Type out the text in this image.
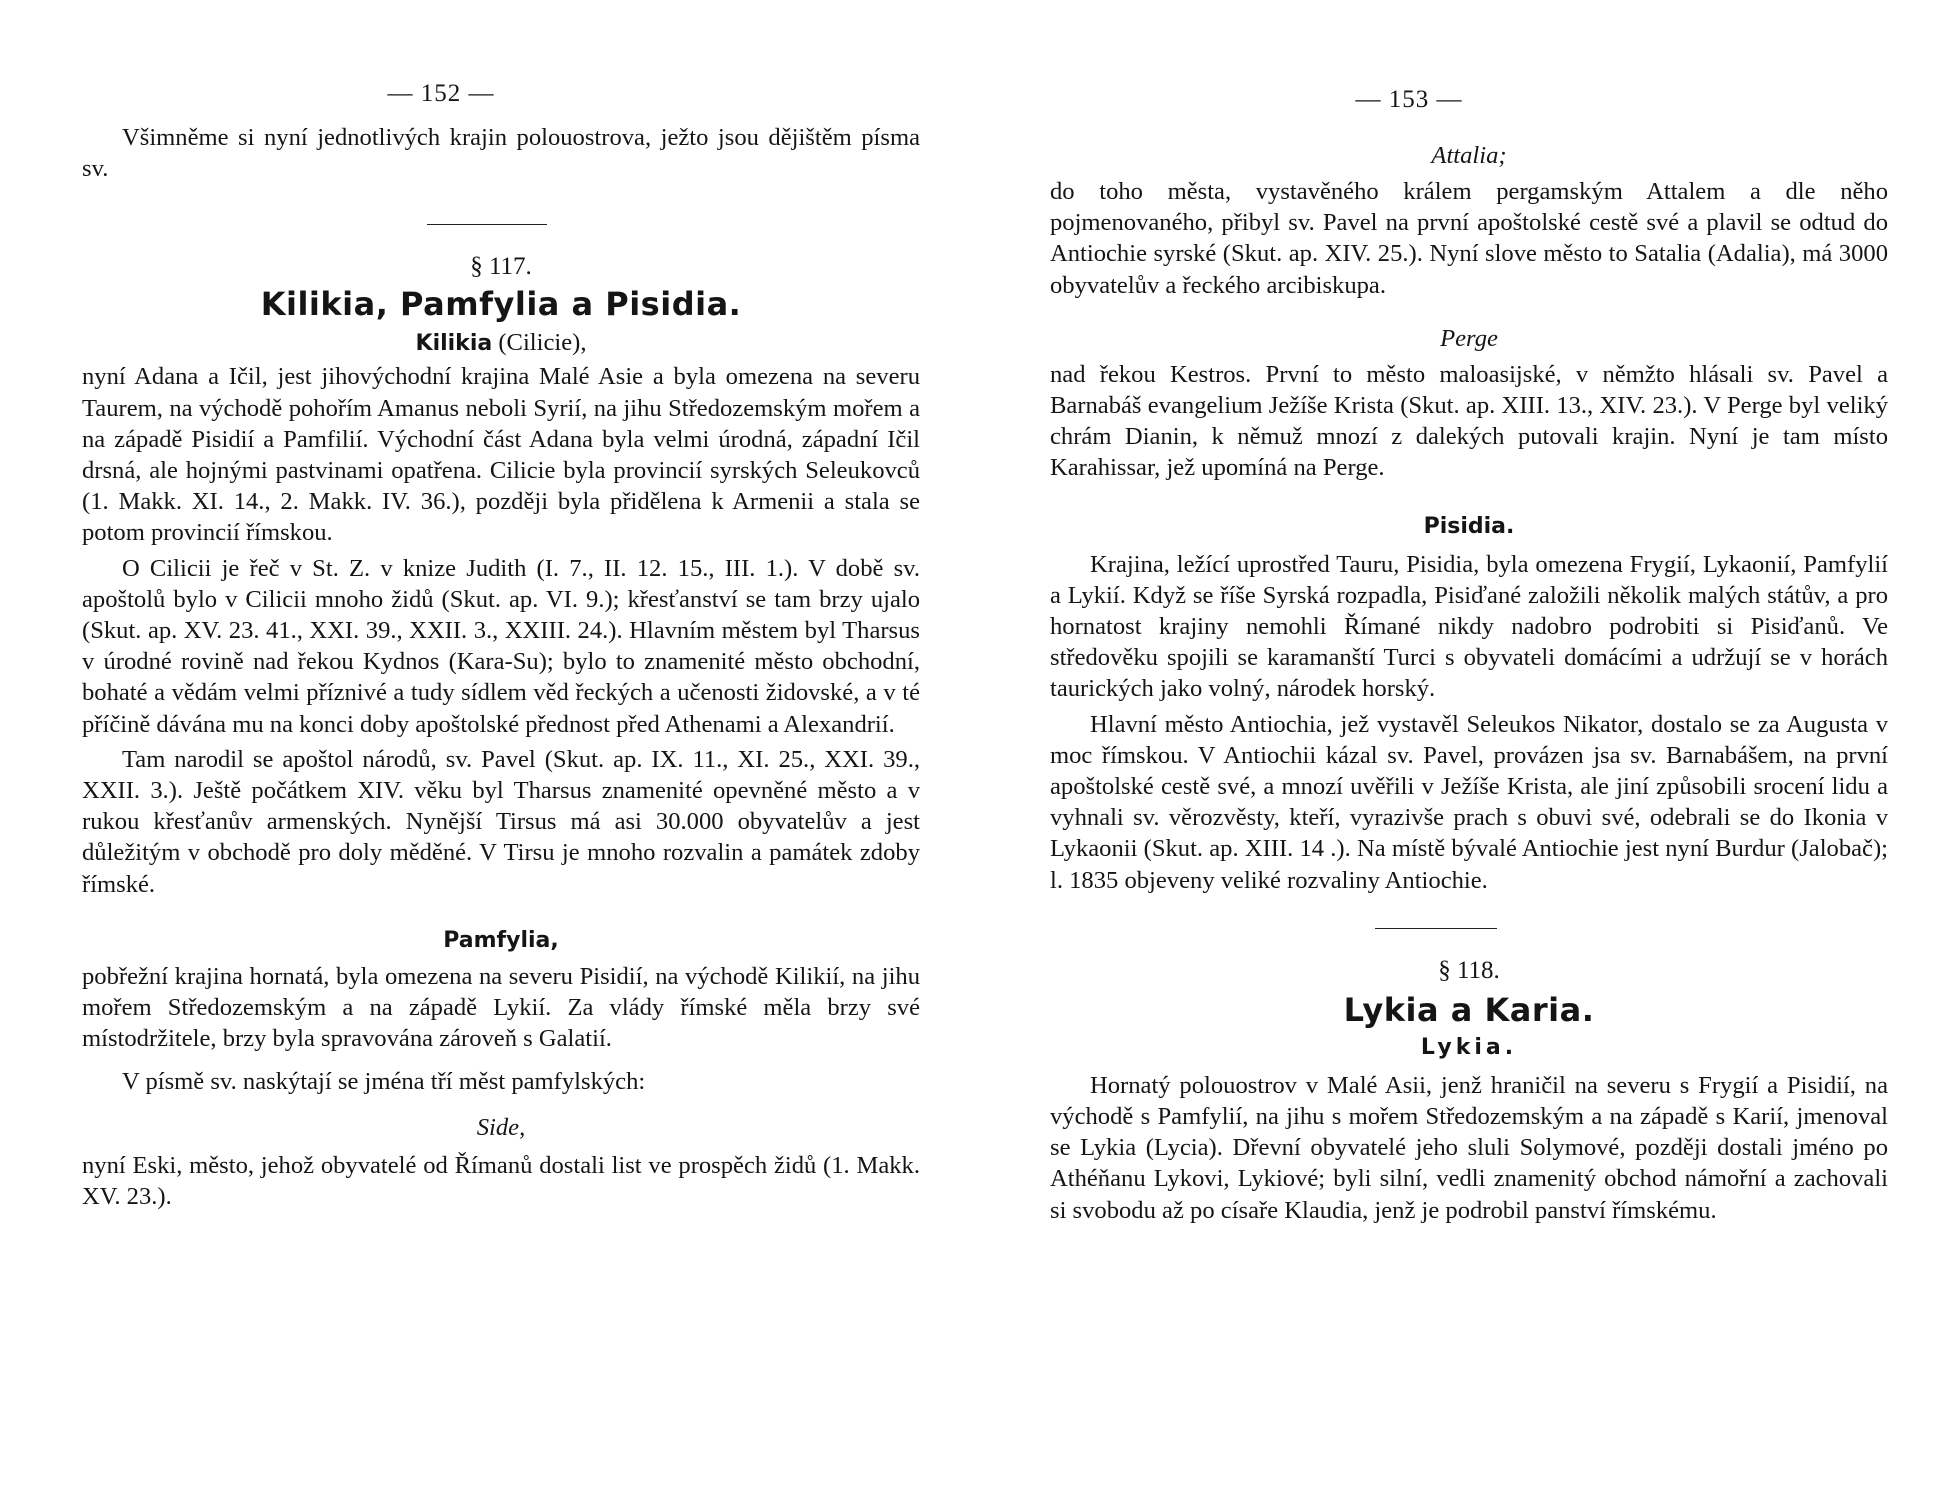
— 152 —

Všimněme si nyní jednotlivých krajin polouostrova, ježto jsou dějištěm písma sv.

§ 117.
Kilikia, Pamfylia a Pisidia.
Kilikia (Cilicie),

nyní Adana a Ičil, jest jihovýchodní krajina Malé Asie a byla omezena na severu Taurem, na východě pohořím Amanus neboli Syrií, na jihu Středozemským mořem a na západě Pisidií a Pamfilií. Východní část Adana byla velmi úrodná, západní Ičil drsná, ale hojnými pastvinami opatřena. Cilicie byla provincií syrských Seleukovců (1. Makk. XI. 14., 2. Makk. IV. 36.), později byla přidělena k Armenii a stala se potom provincií římskou.

O Cilicii je řeč v St. Z. v knize Judith (I. 7., II. 12. 15., III. 1.). V době sv. apoštolů bylo v Cilicii mnoho židů (Skut. ap. VI. 9.); křesťanství se tam brzy ujalo (Skut. ap. XV. 23. 41., XXI. 39., XXII. 3., XXIII. 24.). Hlavním městem byl Tharsus v úrodné rovině nad řekou Kydnos (Kara-Su); bylo to znamenité město obchodní, bohaté a vědám velmi příznivé a tudy sídlem věd řeckých a učenosti židovské, a v té příčině dávána mu na konci doby apoštolské přednost před Athenami a Alexandrií.

Tam narodil se apoštol národů, sv. Pavel (Skut. ap. IX. 11., XI. 25., XXI. 39., XXII. 3.). Ještě počátkem XIV. věku byl Tharsus znamenité opevněné město a v rukou křesťanův armenských. Nynější Tirsus má asi 30.000 obyvatelův a jest důležitým v obchodě pro doly měděné. V Tirsu je mnoho rozvalin a památek zdoby římské.

Pamfylia,

pobřežní krajina hornatá, byla omezena na severu Pisidií, na východě Kilikií, na jihu mořem Středozemským a na západě Lykií. Za vlády římské měla brzy své místodržitele, brzy byla spravována zároveň s Galatií.

V písmě sv. naskýtají se jména tří měst pamfylských:

Side,

nyní Eski, město, jehož obyvatelé od Římanů dostali list ve prospěch židů (1. Makk. XV. 23.).

— 153 —
Attalia;

do toho města, vystavěného králem pergamským Attalem a dle něho pojmenovaného, přibyl sv. Pavel na první apoštolské cestě své a plavil se odtud do Antiochie syrské (Skut. ap. XIV. 25.). Nyní slove město to Satalia (Adalia), má 3000 obyvatelův a řeckého arcibiskupa.

Perge

nad řekou Kestros. První to město maloasijské, v němžto hlásali sv. Pavel a Barnabáš evangelium Ježíše Krista (Skut. ap. XIII. 13., XIV. 23.). V Perge byl veliký chrám Dianin, k němuž mnozí z dalekých putovali krajin. Nyní je tam místo Karahissar, jež upomíná na Perge.

Pisidia.

Krajina, ležící uprostřed Tauru, Pisidia, byla omezena Frygií, Lykaonií, Pamfylií a Lykií. Když se říše Syrská rozpadla, Pisiďané založili několik malých státův, a pro hornatost krajiny nemohli Římané nikdy nadobro podrobiti si Pisiďanů. Ve středověku spojili se karamanští Turci s obyvateli domácími a udržují se v horách taurických jako volný, národek horský.

Hlavní město Antiochia, jež vystavěl Seleukos Nikator, dostalo se za Augusta v moc římskou. V Antiochii kázal sv. Pavel, provázen jsa sv. Barnabášem, na první apoštolské cestě své, a mnozí uvěřili v Ježíše Krista, ale jiní způsobili srocení lidu a vyhnali sv. věrozvěsty, kteří, vyrazivše prach s obuvi své, odebrali se do Ikonia v Lykaonii (Skut. ap. XIII. 14 .). Na místě bývalé Antiochie jest nyní Burdur (Jalobač); l. 1835 objeveny veliké rozvaliny Antiochie.

§ 118.
Lykia a Karia.
Lykia.

Hornatý polouostrov v Malé Asii, jenž hraničil na severu s Frygií a Pisidií, na východě s Pamfylií, na jihu s mořem Středozemským a na západě s Karií, jmenoval se Lykia (Lycia). Dřevní obyvatelé jeho sluli Solymové, později dostali jméno po Athéňanu Lykovi, Lykiové; byli silní, vedli znamenitý obchod námořní a zachovali si svobodu až po císaře Klaudia, jenž je podrobil panství římskému.
